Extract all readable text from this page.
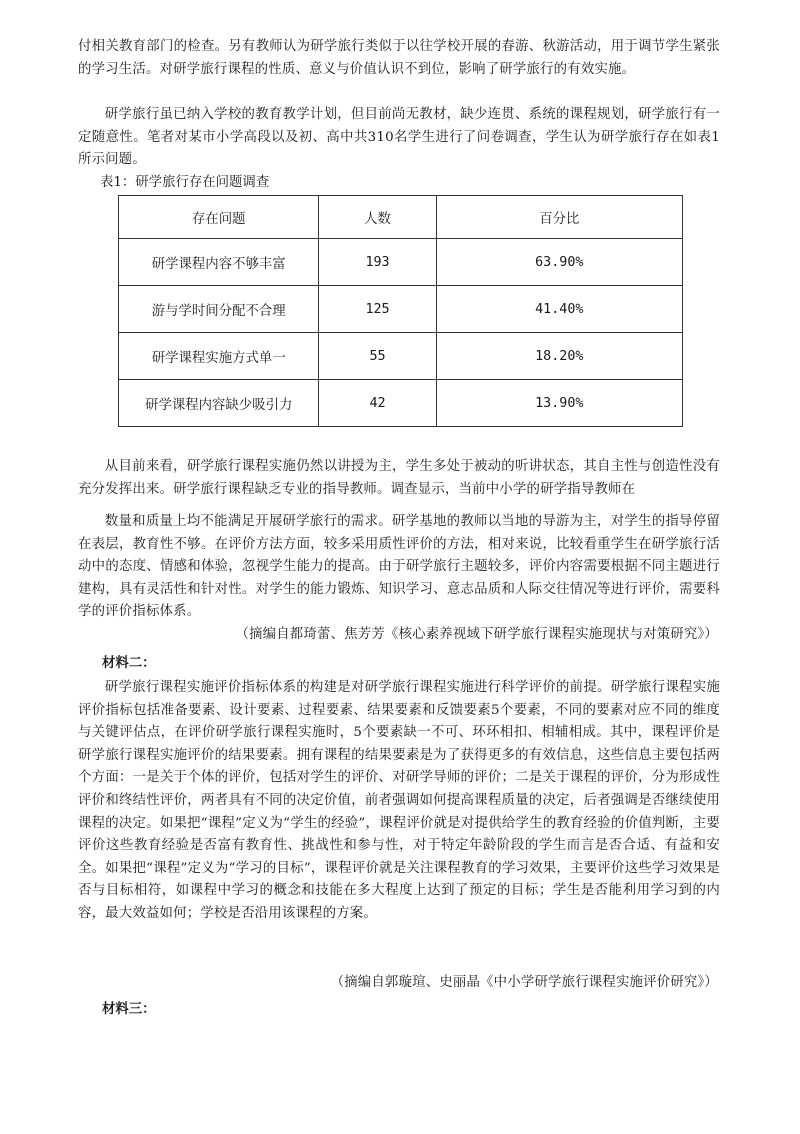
付相关教育部门的检查。另有教师认为研学旅行类似于以往学校开展的春游、秋游活动，用于调节学生紧张的学习生活。对研学旅行课程的性质、意义与价值认识不到位，影响了研学旅行的有效实施。

研学旅行虽已纳入学校的教育教学计划，但目前尚无教材，缺少连贯、系统的课程规划，研学旅行有一定随意性。笔者对某市小学高段以及初、高中共310名学生进行了问卷调查，学生认为研学旅行存在如表1所示问题。

表1：研学旅行存在问题调查
存在问题	人数	百分比
研学课程内容不够丰富	193	63.90%
游与学时间分配不合理	125	41.40%
研学课程实施方式单一	55	18.20%
研学课程内容缺少吸引力	42	13.90%

从目前来看，研学旅行课程实施仍然以讲授为主，学生多处于被动的听讲状态，其自主性与创造性没有充分发挥出来。研学旅行课程缺乏专业的指导教师。调查显示，当前中小学的研学指导教师在

数量和质量上均不能满足开展研学旅行的需求。研学基地的教师以当地的导游为主，对学生的指导停留在表层，教育性不够。在评价方法方面，较多采用质性评价的方法，相对来说，比较看重学生在研学旅行活动中的态度、情感和体验，忽视学生能力的提高。由于研学旅行主题较多，评价内容需要根据不同主题进行建构，具有灵活性和针对性。对学生的能力锻炼、知识学习、意志品质和人际交往情况等进行评价，需要科学的评价指标体系。

（摘编自都琦蕾、焦芳芳《核心素养视域下研学旅行课程实施现状与对策研究》）
材料二：

研学旅行课程实施评价指标体系的构建是对研学旅行课程实施进行科学评价的前提。研学旅行课程实施评价指标包括准备要素、设计要素、过程要素、结果要素和反馈要素5个要素，不同的要素对应不同的维度与关键评估点，在评价研学旅行课程实施时，5个要素缺一不可、环环相扣、相辅相成。其中，课程评价是研学旅行课程实施评价的结果要素。拥有课程的结果要素是为了获得更多的有效信息，这些信息主要包括两个方面：一是关于个体的评价，包括对学生的评价、对研学导师的评价；二是关于课程的评价，分为形成性评价和终结性评价，两者具有不同的决定价值，前者强调如何提高课程质量的决定，后者强调是否继续使用课程的决定。如果把“课程”定义为“学生的经验”，课程评价就是对提供给学生的教育经验的价值判断，主要评价这些教育经验是否富有教育性、挑战性和参与性，对于特定年龄阶段的学生而言是否合适、有益和安全。如果把“课程”定义为“学习的目标”，课程评价就是关注课程教育的学习效果，主要评价这些学习效果是否与目标相符，如课程中学习的概念和技能在多大程度上达到了预定的目标；学生是否能利用学习到的内容，最大效益如何；学校是否沿用该课程的方案。

（摘编自郭璇瑄、史丽晶《中小学研学旅行课程实施评价研究》）
材料三：
